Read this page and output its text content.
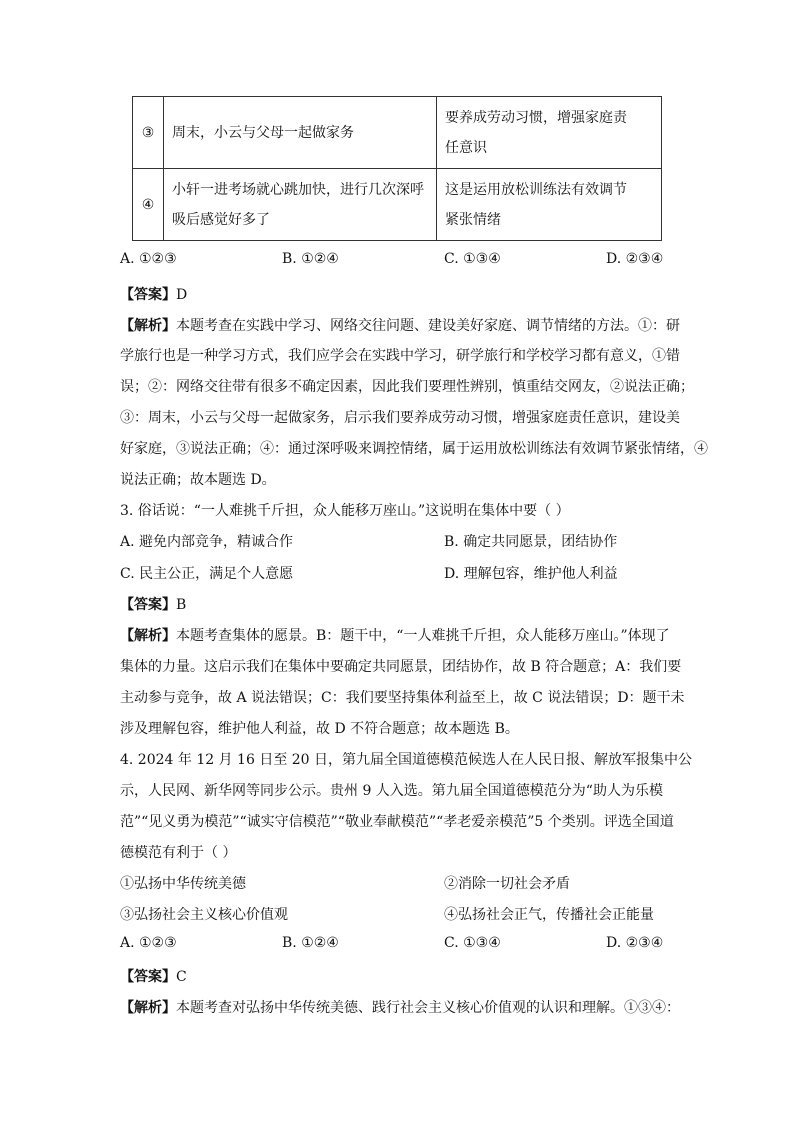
③	周末，小云与父母一起做家务	要养成劳动习惯，增强家庭责
任意识

④	小轩一进考场就心跳加快，进行几次深呼
吸后感觉好多了	这是运用放松训练法有效调节
紧张情绪
A. ①②③	B. ①②④	C. ①③④	D. ②③④
【答案】D
【解析】本题考查在实践中学习、网络交往问题、建设美好家庭、调节情绪的方法。①：研
学旅行也是一种学习方式，我们应学会在实践中学习，研学旅行和学校学习都有意义，①错
误；②：网络交往带有很多不确定因素，因此我们要理性辨别，慎重结交网友，②说法正确；
③：周末，小云与父母一起做家务，启示我们要养成劳动习惯，增强家庭责任意识，建设美
好家庭，③说法正确；④：通过深呼吸来调控情绪，属于运用放松训练法有效调节紧张情绪，④
说法正确；故本题选 D。
3. 俗话说：“一人难挑千斤担，众人能移万座山。”这说明在集体中要（ ）
A. 避免内部竞争，精诚合作	B. 确定共同愿景，团结协作
C. 民主公正，满足个人意愿	D. 理解包容，维护他人利益
【答案】B
【解析】本题考查集体的愿景。B：题干中，“一人难挑千斤担，众人能移万座山。”体现了
集体的力量。这启示我们在集体中要确定共同愿景，团结协作，故 B 符合题意；A：我们要
主动参与竞争，故 A 说法错误；C：我们要坚持集体利益至上，故 C 说法错误；D：题干未
涉及理解包容，维护他人利益，故 D 不符合题意；故本题选 B。
4. 2024 年 12 月 16 日至 20 日，第九届全国道德模范候选人在人民日报、解放军报集中公
示，人民网、新华网等同步公示。贵州 9 人入选。第九届全国道德模范分为“助人为乐模
范”“见义勇为模范”“诚实守信模范”“敬业奉献模范”“孝老爱亲模范”5 个类别。评选全国道
德模范有利于（ ）
①弘扬中华传统美德	②消除一切社会矛盾
③弘扬社会主义核心价值观	④弘扬社会正气，传播社会正能量
A. ①②③	B. ①②④	C. ①③④	D. ②③④
【答案】C
【解析】本题考查对弘扬中华传统美德、践行社会主义核心价值观的认识和理解。①③④：
